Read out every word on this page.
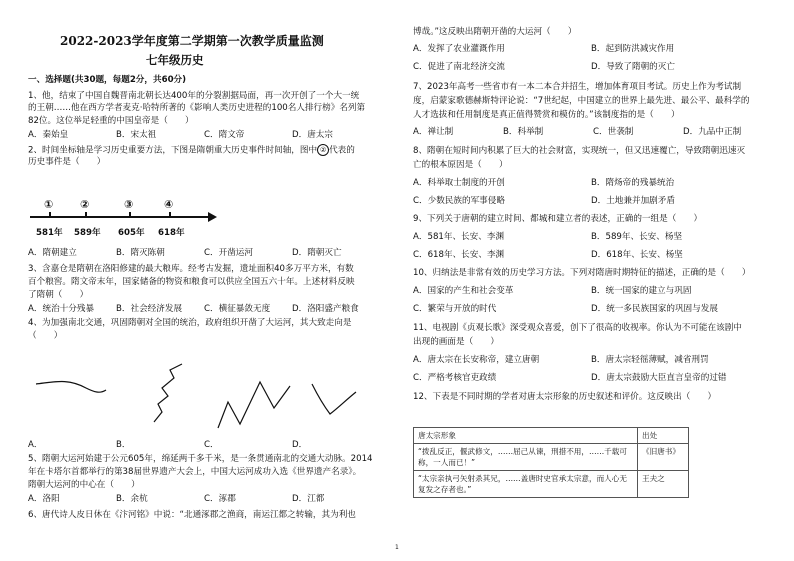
2022-2023学年度第二学期第一次教学质量监测
七年级历史
一、选择题(共30题，每题2分，共60分)
1、他，结束了中国自魏晋南北朝长达400年的分裂割据局面，再一次开创了一个大一统
的王朝……他在西方学者麦克·哈特所著的《影响人类历史进程的100名人排行榜》名列第
82位。这位举足轻重的中国皇帝是（　　）
A．秦始皇	B．宋太祖	C．隋文帝	D．唐太宗
2、时间坐标轴是学习历史重要方法，下图是隋朝重大历史事件时间轴，图中 ② 代表的
历史事件是（　　）
① ②	③	④
581年 589年 605年 618年
A．隋朝建立	B．隋灭陈朝	C．开凿运河	D．隋朝灭亡
3、含嘉仓是隋朝在洛阳修建的最大粮库。经考古发掘，遗址面积40多万平方米，有数
百个粮窖。隋文帝末年，国家储备的物资和粮食可以供应全国五六十年。上述材料反映
了隋朝（　　）
A．统治十分残暴	B．社会经济发展	C．横征暴敛无度	D．洛阳盛产粮食
4、为加强南北交通，巩固隋朝对全国的统治，政府组织开凿了大运河，其大致走向是
（　　）
A．	B．	C．	D．
5、隋朝大运河始建于公元605年，绵延两千多千米，是一条贯通南北的交通大动脉。2014
年在卡塔尔首都举行的第38届世界遗产大会上，中国大运河成功入选《世界遗产名录》。
隋朝大运河的中心在（　　）
A．洛阳	B．余杭	C．涿郡	D．江都
6、唐代诗人皮日休在《汴河铭》中说：“北通涿郡之渔商，南运江都之转输，其为利也
博哉。”这反映出隋朝开凿的大运河（　　）
A．发挥了农业灌溉作用	B．起到防洪减灾作用
C．促进了南北经济交流	D．导致了隋朝的灭亡
7、2023年高考一些省市有一本二本合并招生，增加体育项目考试。历史上作为考试制
度，启蒙家歌德赫斯特评论说：“7世纪起，中国建立的世界上最先进、最公平、最科学的
人才选拔和任用制度是真正值得赞赏和模仿的。”该制度指的是（　　）
A．禅让制	B．科举制	C．世袭制	D．九品中正制
8、隋朝在短时间内积累了巨大的社会财富，实现统一，但又迅速覆亡，导致隋朝迅速灭
亡的根本原因是（　　）
A．科举取士制度的开创	B．隋炀帝的残暴统治
C．少数民族的军事侵略	D．土地兼并加剧矛盾
9、下列关于唐朝的建立时间、都城和建立者的表述，正确的一组是（　　）
A．581年、长安、李渊	B．589年、长安、杨坚
C．618年、长安、李渊	D．618年、长安、杨坚
10、归纳法是非常有效的历史学习方法。下列对隋唐时期特征的描述，正确的是（　　）
A．国家的产生和社会变革	B．统一国家的建立与巩固
C．繁荣与开放的时代	D．统一多民族国家的巩固与发展
11、电视剧《贞观长歌》深受观众喜爱，创下了很高的收视率。你认为不可能在该剧中
出现的画面是（　　）
A．唐太宗在长安称帝，建立唐朝	B．唐太宗轻徭薄赋，减省刑罚
C．严格考核官吏政绩	D．唐太宗鼓励大臣直言皇帝的过错
12、下表是不同时期的学者对唐太宗形象的历史叙述和评价。这反映出（　　）
唐太宗形象	出处
“拨乱反正，偃武修文，……屈己从谏，刑措不用，……千载可称，一人而已！”	《旧唐书》
“太宗亲执弓矢射杀其兄，……盖唐时史官承太宗意，而人心无复发之存者也。”	王夫之
1
